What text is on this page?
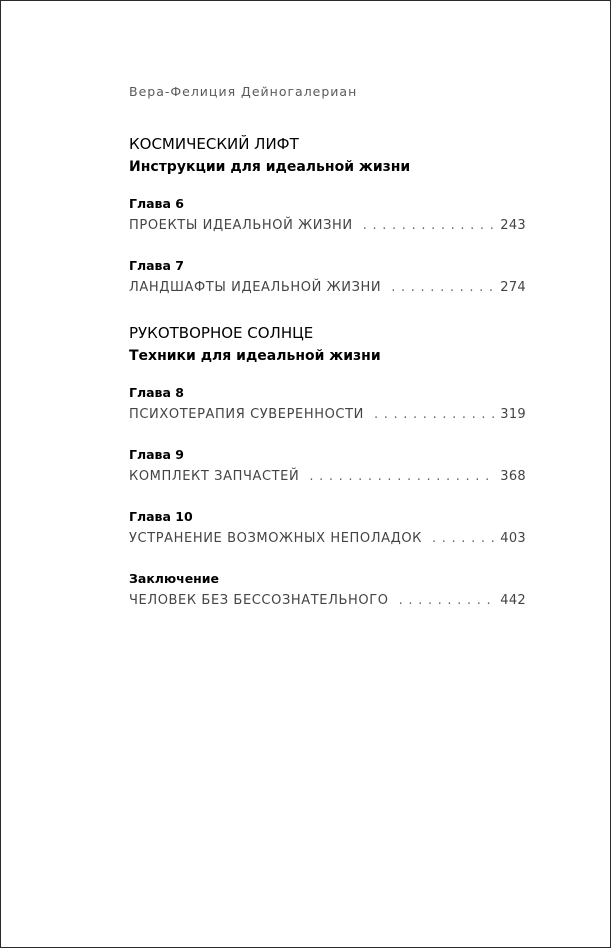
Вера-Фелиция Дейногалериан
КОСМИЧЕСКИЙ ЛИФТ
Инструкции для идеальной жизни
Глава 6
ПРОЕКТЫ ИДЕАЛЬНОЙ ЖИЗНИ . . .	243
Глава 7
ЛАНДШАФТЫ ИДЕАЛЬНОЙ ЖИЗНИ . . .	274
РУКОТВОРНОЕ СОЛНЦЕ
Техники для идеальной жизни
Глава 8
ПСИХОТЕРАПИЯ СУВЕРЕННОСТИ . . .	319
Глава 9
КОМПЛЕКТ ЗАПЧАСТЕЙ . . .	368
Глава 10
УСТРАНЕНИЕ ВОЗМОЖНЫХ НЕПОЛАДОК . . .	403
Заключение
ЧЕЛОВЕК БЕЗ БЕССОЗНАТЕЛЬНОГО . . .	442
